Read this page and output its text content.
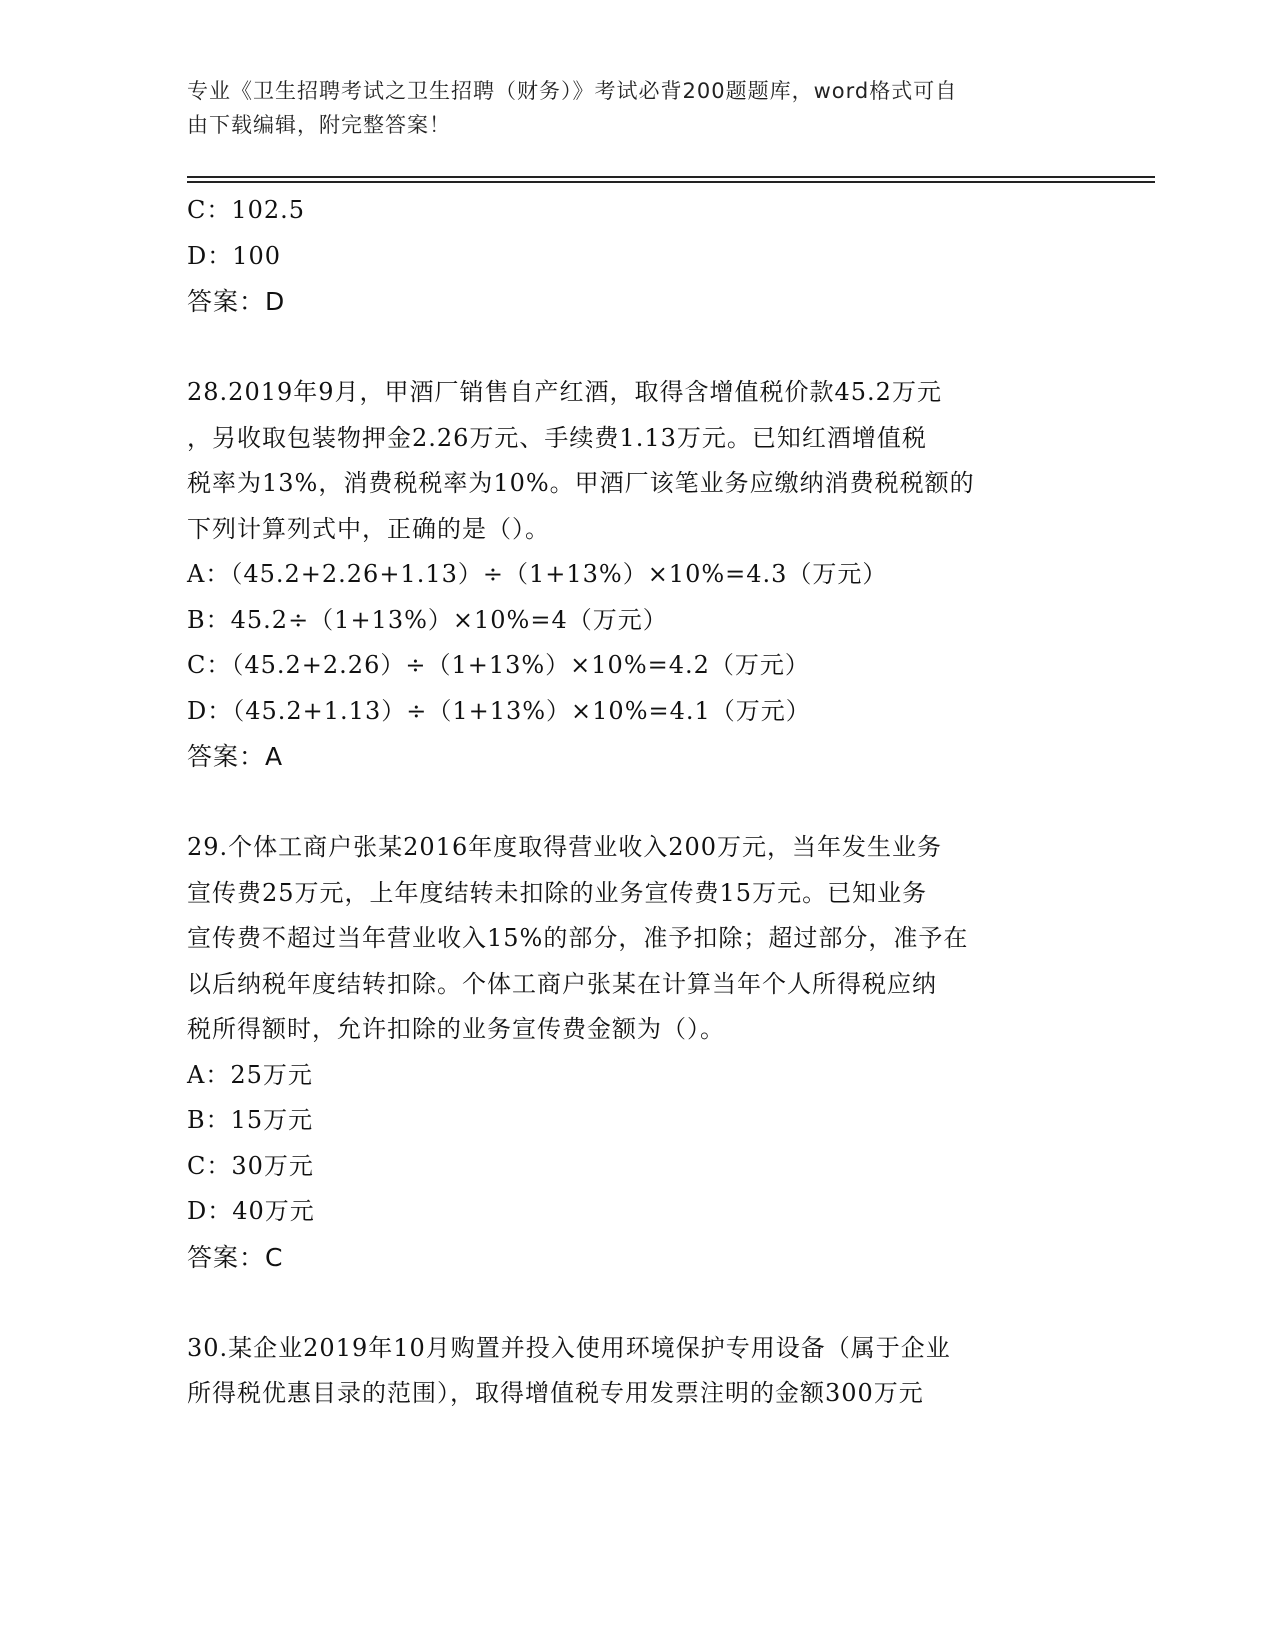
专业《卫生招聘考试之卫生招聘（财务）》考试必背200题题库，word格式可自
由下载编辑，附完整答案！
C：102.5
D：100
答案：D
28.2019年9月，甲酒厂销售自产红酒，取得含增值税价款45.2万元
，另收取包装物押金2.26万元、手续费1.13万元。已知红酒增值税
税率为13%，消费税税率为10%。甲酒厂该笔业务应缴纳消费税税额的
下列计算列式中，正确的是（）。
A：（45.2+2.26+1.13）÷（1+13%）×10%=4.3（万元）
B：45.2÷（1+13%）×10%=4（万元）
C：（45.2+2.26）÷（1+13%）×10%=4.2（万元）
D：（45.2+1.13）÷（1+13%）×10%=4.1（万元）
答案：A
29.个体工商户张某2016年度取得营业收入200万元，当年发生业务
宣传费25万元，上年度结转未扣除的业务宣传费15万元。已知业务
宣传费不超过当年营业收入15%的部分，准予扣除；超过部分，准予在
以后纳税年度结转扣除。个体工商户张某在计算当年个人所得税应纳
税所得额时，允许扣除的业务宣传费金额为（）。
A：25万元
B：15万元
C：30万元
D：40万元
答案：C
30.某企业2019年10月购置并投入使用环境保护专用设备（属于企业
所得税优惠目录的范围），取得增值税专用发票注明的金额300万元
